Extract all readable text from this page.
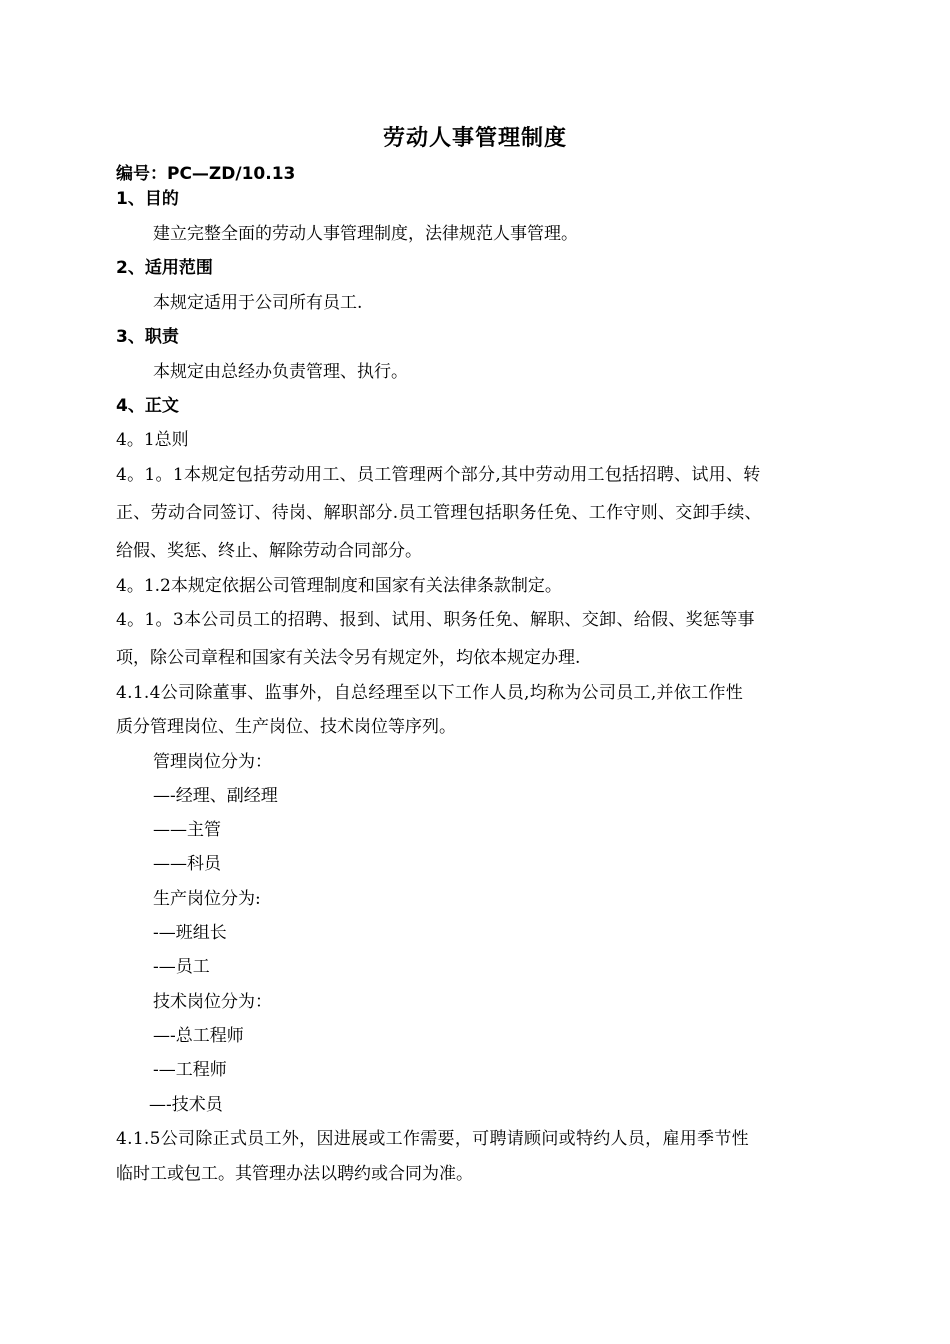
劳动人事管理制度
编号：PC—ZD/10.13
1、目的
建立完整全面的劳动人事管理制度，法律规范人事管理。
2、适用范围
本规定适用于公司所有员工.
3、职责
本规定由总经办负责管理、执行。
4、正文
4。1总则
4。1。1本规定包括劳动用工、员工管理两个部分,其中劳动用工包括招聘、试用、转
正、劳动合同签订、待岗、解职部分.员工管理包括职务任免、工作守则、交卸手续、
给假、奖惩、终止、解除劳动合同部分。
4。1.2本规定依据公司管理制度和国家有关法律条款制定。
4。1。3本公司员工的招聘、报到、试用、职务任免、解职、交卸、给假、奖惩等事
项，除公司章程和国家有关法令另有规定外，均依本规定办理.
4.1.4公司除董事、监事外，自总经理至以下工作人员,均称为公司员工,并依工作性
质分管理岗位、生产岗位、技术岗位等序列。
管理岗位分为：
—-经理、副经理
——主管
——科员
生产岗位分为:
-—班组长
-—员工
技术岗位分为：
—-总工程师
-—工程师
—-技术员
4.1.5公司除正式员工外，因进展或工作需要，可聘请顾问或特约人员，雇用季节性
临时工或包工。其管理办法以聘约或合同为准。
